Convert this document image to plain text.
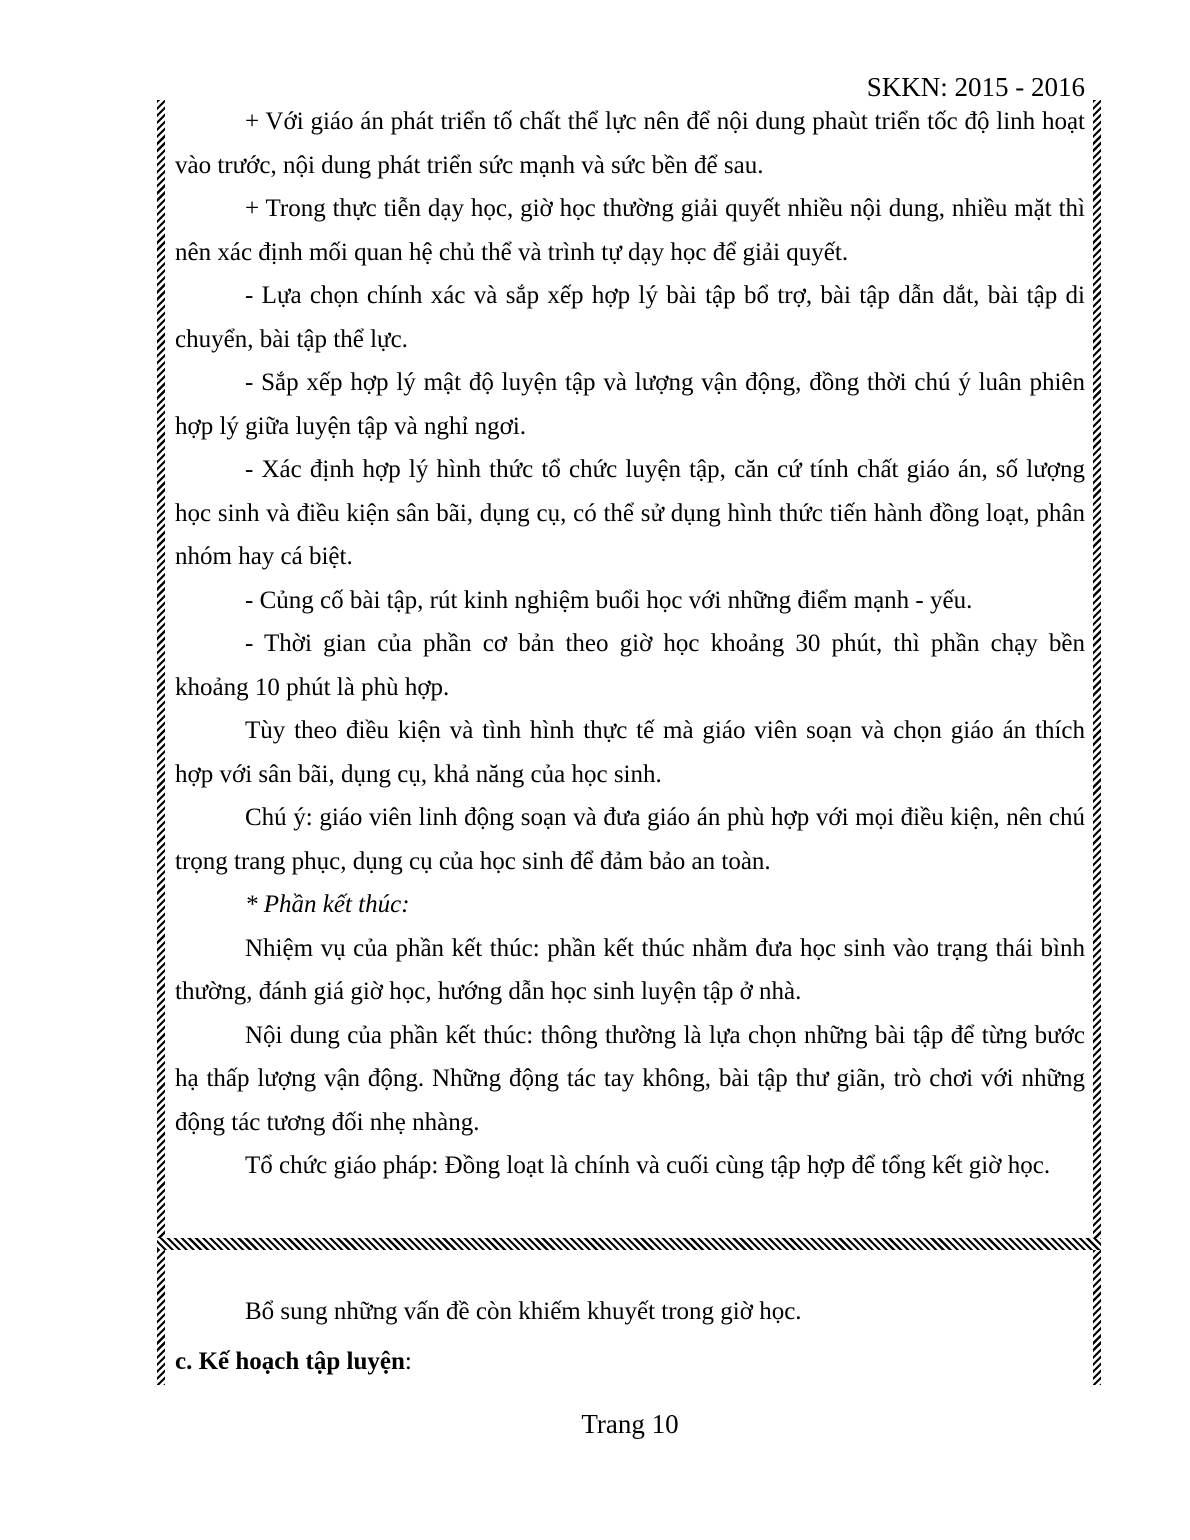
SKKN: 2015 - 2016

+ Với giáo án phát triển tố chất thể lực nên để nội dung phaùt triển tốc độ linh hoạt vào trước, nội dung phát triển sức mạnh và sức bền để sau.

+ Trong thực tiễn dạy học, giờ học thường giải quyết nhiều nội dung, nhiều mặt thì nên xác định mối quan hệ chủ thể và trình tự dạy học để giải quyết.

- Lựa chọn chính xác và sắp xếp hợp lý bài tập bổ trợ, bài tập dẫn dắt, bài tập di chuyển, bài tập thể lực.

- Sắp xếp hợp lý mật độ luyện tập và lượng vận động, đồng thời chú ý luân phiên hợp lý giữa luyện tập và nghỉ ngơi.

- Xác định hợp lý hình thức tổ chức luyện tập, căn cứ tính chất giáo án, số lượng học sinh và điều kiện sân bãi, dụng cụ, có thể sử dụng hình thức tiến hành đồng loạt, phân nhóm hay cá biệt.

- Củng cố bài tập, rút kinh nghiệm buổi học với những điểm mạnh - yếu.

- Thời gian của phần cơ bản theo giờ học khoảng 30 phút, thì phần chạy bền khoảng 10 phút là phù hợp.

Tùy theo điều kiện và tình hình thực tế mà giáo viên soạn và chọn giáo án thích hợp với sân bãi, dụng cụ, khả năng của học sinh.

Chú ý: giáo viên linh động soạn và đưa giáo án phù hợp với mọi điều kiện, nên chú trọng trang phục, dụng cụ của học sinh để đảm bảo an toàn.

* Phần kết thúc:

Nhiệm vụ của phần kết thúc: phần kết thúc nhằm đưa học sinh vào trạng thái bình thường, đánh giá giờ học, hướng dẫn học sinh luyện tập ở nhà.

Nội dung của phần kết thúc: thông thường là lựa chọn những bài tập để từng bước hạ thấp lượng vận động. Những động tác tay không, bài tập thư giãn, trò chơi với những động tác tương đối nhẹ nhàng.

Tổ chức giáo pháp: Đồng loạt là chính và cuối cùng tập hợp để tổng kết giờ học.

Bổ sung những vấn đề còn khiếm khuyết trong giờ học.

c. Kế hoạch tập luyện:
Trang 10
